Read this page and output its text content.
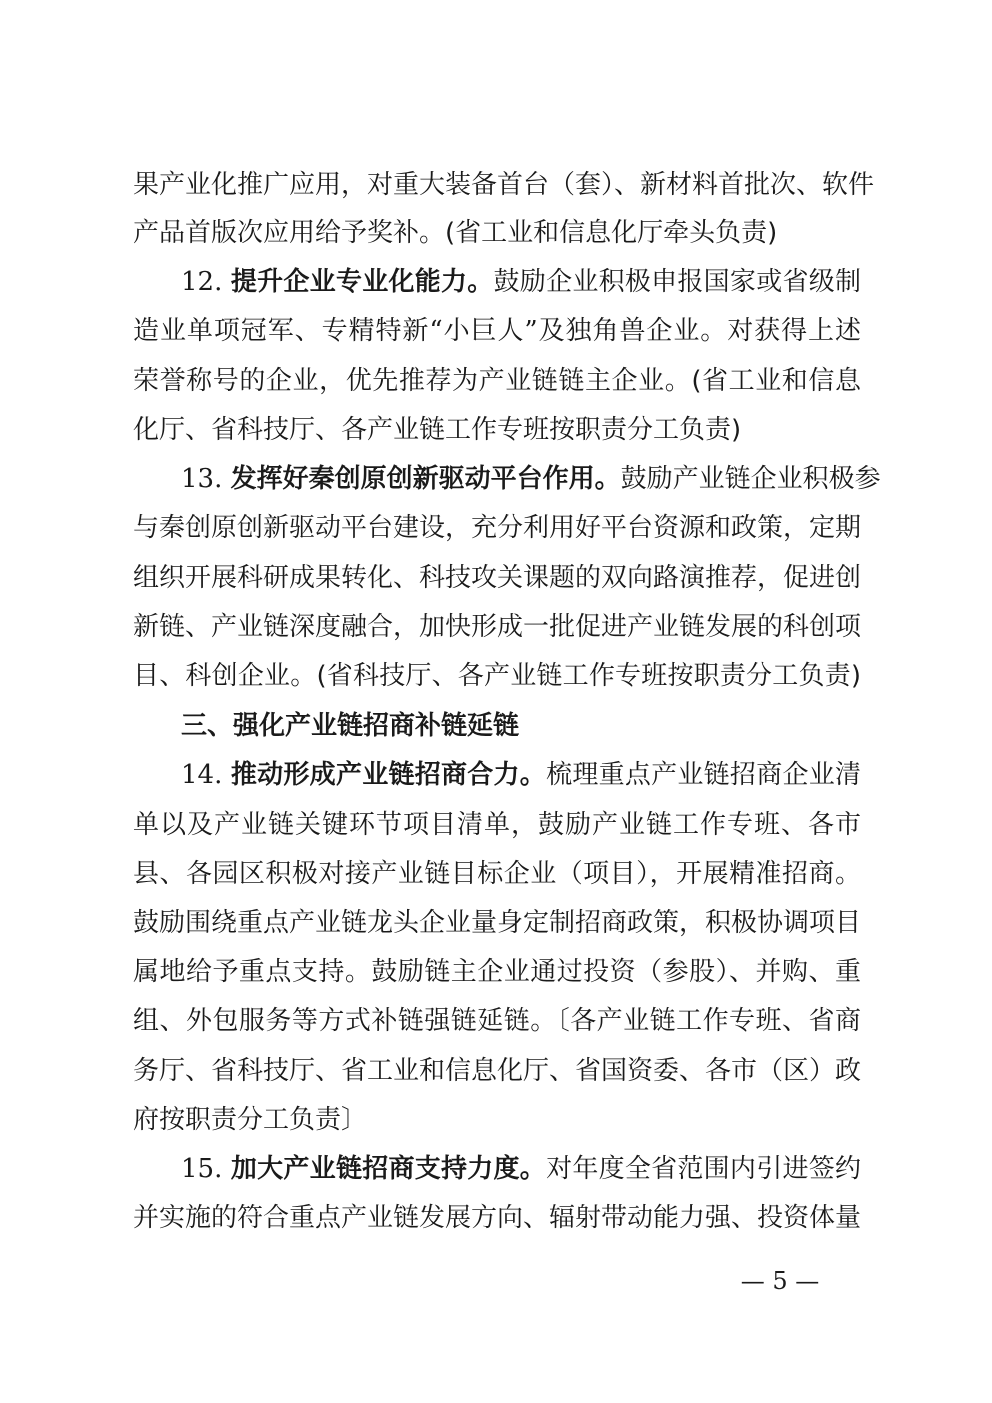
果产业化推广应用，对重大装备首台（套）、新材料首批次、软件
产品首版次应用给予奖补。(省工业和信息化厅牵头负责)
12. 提升企业专业化能力。鼓励企业积极申报国家或省级制
造业单项冠军、专精特新“小巨人”及独角兽企业。对获得上述
荣誉称号的企业，优先推荐为产业链链主企业。(省工业和信息
化厅、省科技厅、各产业链工作专班按职责分工负责)
13. 发挥好秦创原创新驱动平台作用。鼓励产业链企业积极参
与秦创原创新驱动平台建设，充分利用好平台资源和政策，定期
组织开展科研成果转化、科技攻关课题的双向路演推荐，促进创
新链、产业链深度融合，加快形成一批促进产业链发展的科创项
目、科创企业。(省科技厅、各产业链工作专班按职责分工负责)
三、强化产业链招商补链延链
14. 推动形成产业链招商合力。梳理重点产业链招商企业清
单以及产业链关键环节项目清单，鼓励产业链工作专班、各市
县、各园区积极对接产业链目标企业（项目），开展精准招商。
鼓励围绕重点产业链龙头企业量身定制招商政策，积极协调项目
属地给予重点支持。鼓励链主企业通过投资（参股）、并购、重
组、外包服务等方式补链强链延链。〔各产业链工作专班、省商
务厅、省科技厅、省工业和信息化厅、省国资委、各市（区）政
府按职责分工负责〕
15. 加大产业链招商支持力度。对年度全省范围内引进签约
并实施的符合重点产业链发展方向、辐射带动能力强、投资体量
— 5 —
